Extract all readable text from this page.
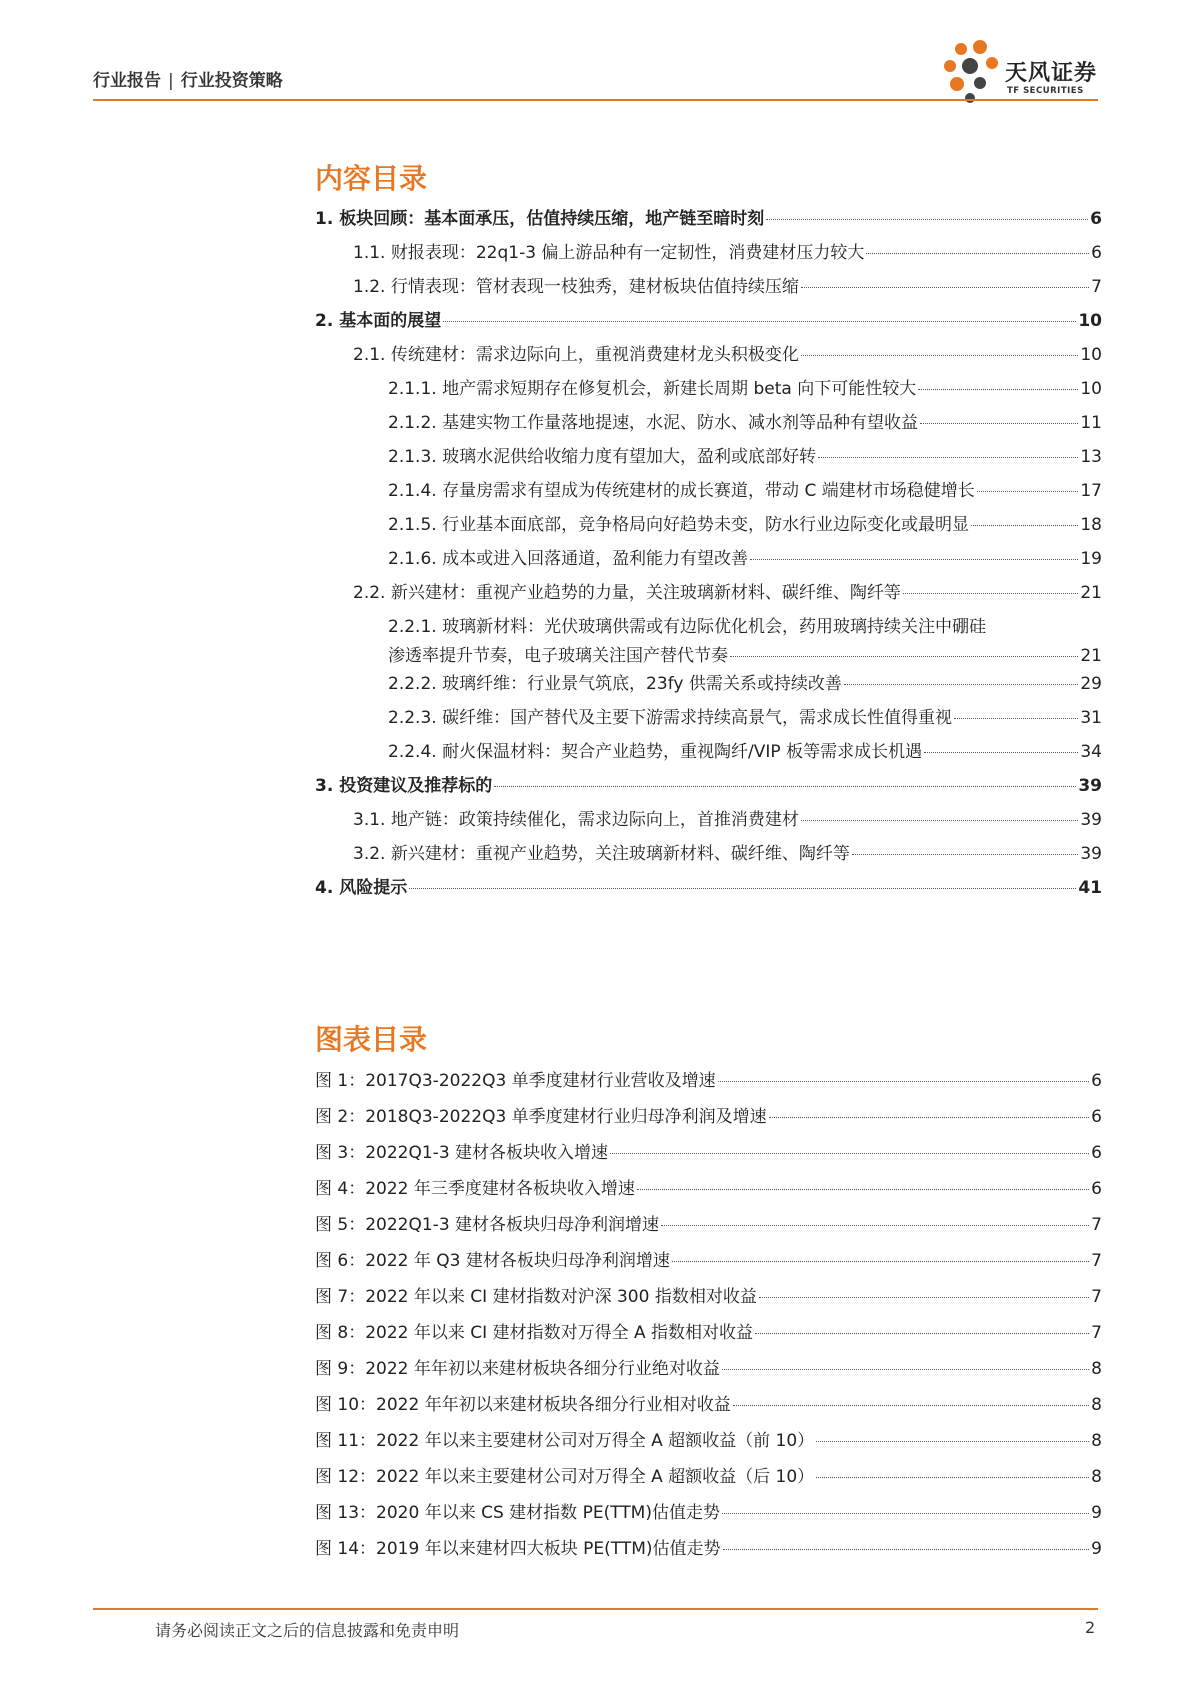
行业报告 | 行业投资策略	天风证券
TF SECURITIES
内容目录
1. 板块回顾：基本面承压，估值持续压缩，地产链至暗时刻	6
1.1. 财报表现：22q1-3 偏上游品种有一定韧性，消费建材压力较大	6
1.2. 行情表现：管材表现一枝独秀，建材板块估值持续压缩	7
2. 基本面的展望	10
2.1. 传统建材：需求边际向上，重视消费建材龙头积极变化	10
2.1.1. 地产需求短期存在修复机会，新建长周期 beta 向下可能性较大	10
2.1.2. 基建实物工作量落地提速，水泥、防水、减水剂等品种有望收益	11
2.1.3. 玻璃水泥供给收缩力度有望加大，盈利或底部好转	13
2.1.4. 存量房需求有望成为传统建材的成长赛道，带动 C 端建材市场稳健增长	17
2.1.5. 行业基本面底部，竞争格局向好趋势未变，防水行业边际变化或最明显	18
2.1.6. 成本或进入回落通道，盈利能力有望改善	19
2.2. 新兴建材：重视产业趋势的力量，关注玻璃新材料、碳纤维、陶纤等	21
2.2.1. 玻璃新材料：光伏玻璃供需或有边际优化机会，药用玻璃持续关注中硼硅
渗透率提升节奏，电子玻璃关注国产替代节奏	21
2.2.2. 玻璃纤维：行业景气筑底，23fy 供需关系或持续改善	29
2.2.3. 碳纤维：国产替代及主要下游需求持续高景气，需求成长性值得重视	31
2.2.4. 耐火保温材料：契合产业趋势，重视陶纤/VIP 板等需求成长机遇	34
3. 投资建议及推荐标的	39
3.1. 地产链：政策持续催化，需求边际向上，首推消费建材	39
3.2. 新兴建材：重视产业趋势，关注玻璃新材料、碳纤维、陶纤等	39
4. 风险提示	41
图表目录
图 1：2017Q3-2022Q3 单季度建材行业营收及增速	6
图 2：2018Q3-2022Q3 单季度建材行业归母净利润及增速	6
图 3：2022Q1-3 建材各板块收入增速	6
图 4：2022 年三季度建材各板块收入增速	6
图 5：2022Q1-3 建材各板块归母净利润增速	7
图 6：2022 年 Q3 建材各板块归母净利润增速	7
图 7：2022 年以来 CI 建材指数对沪深 300 指数相对收益	7
图 8：2022 年以来 CI 建材指数对万得全 A 指数相对收益	7
图 9：2022 年年初以来建材板块各细分行业绝对收益	8
图 10：2022 年年初以来建材板块各细分行业相对收益	8
图 11：2022 年以来主要建材公司对万得全 A 超额收益（前 10）	8
图 12：2022 年以来主要建材公司对万得全 A 超额收益（后 10）	8
图 13：2020 年以来 CS 建材指数 PE(TTM)估值走势	9
图 14：2019 年以来建材四大板块 PE(TTM)估值走势	9
请务必阅读正文之后的信息披露和免责申明	2
